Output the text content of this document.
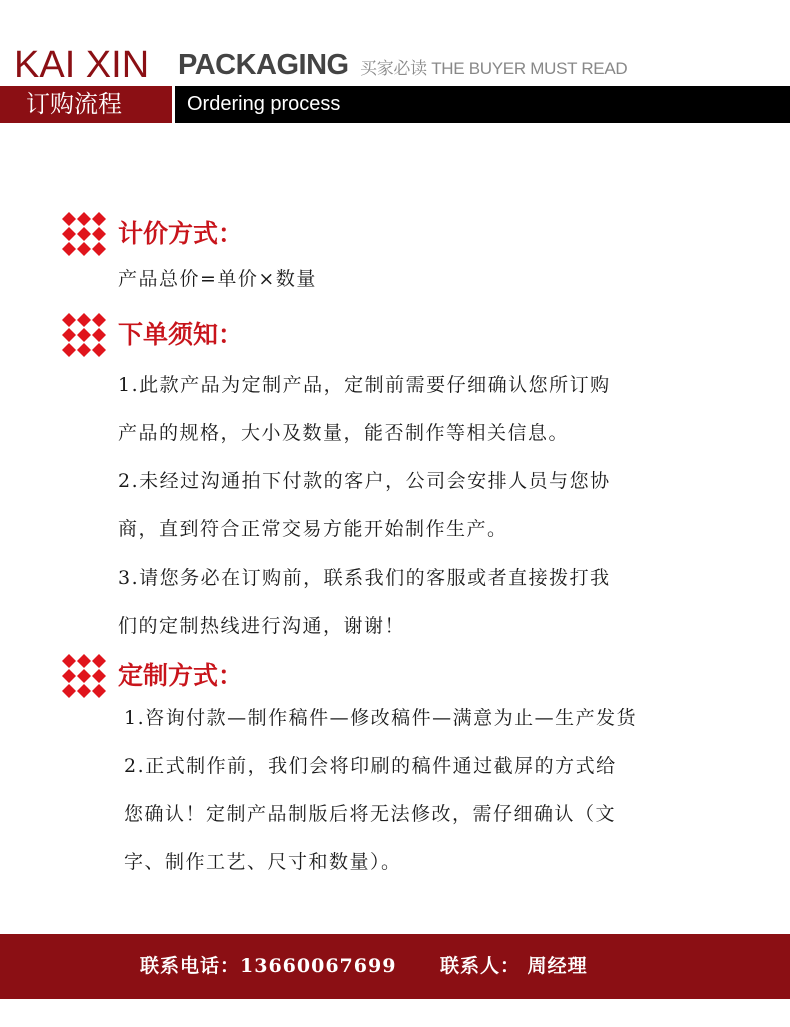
KAI XIN PACKAGING 买家必读 THE BUYER MUST READ
订购流程	Ordering process
计价方式：
产品总价=单价×数量
下单须知：
1.此款产品为定制产品，定制前需要仔细确认您所订购
产品的规格，大小及数量，能否制作等相关信息。
2.未经过沟通拍下付款的客户，公司会安排人员与您协
商，直到符合正常交易方能开始制作生产。
3.请您务必在订购前，联系我们的客服或者直接拨打我
们的定制热线进行沟通，谢谢！
定制方式：
1.咨询付款—制作稿件—修改稿件—满意为止—生产发货
2.正式制作前，我们会将印刷的稿件通过截屏的方式给
您确认！定制产品制版后将无法修改，需仔细确认（文
字、制作工艺、尺寸和数量）。
联系电话：13660067699 联系人： 周经理
